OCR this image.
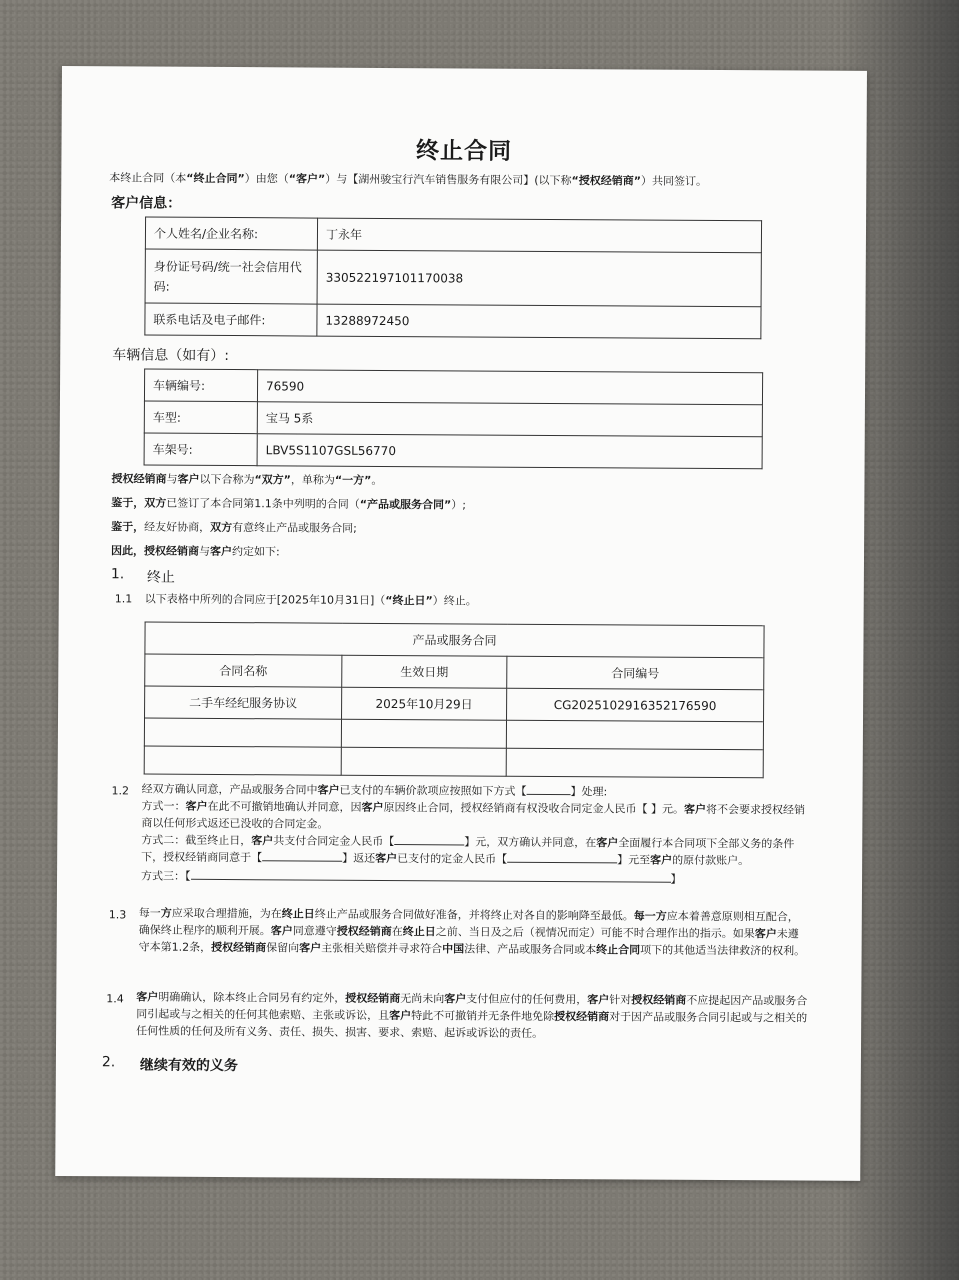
终止合同
本终止合同（本“终止合同”）由您（“客户”）与【湖州骏宝行汽车销售服务有限公司】(以下称“授权经销商”）共同签订。
客户信息：
个人姓名/企业名称:	丁永年
身份证号码/统一社会信用代码:	330522197101170038
联系电话及电子邮件:	13288972450
车辆信息（如有）:
车辆编号:	76590
车型:	宝马 5系
车架号:	LBV5S1107GSL56770
授权经销商与客户以下合称为“双方”，单称为“一方”。
鉴于，双方已签订了本合同第1.1条中列明的合同（“产品或服务合同”）;
鉴于，经友好协商，双方有意终止产品或服务合同;
因此，授权经销商与客户约定如下:
1. 终止
1.1 以下表格中所列的合同应于[2025年10月31日]（“终止日”）终止。
产品或服务合同		
合同名称	生效日期	合同编号
二手车经纪服务协议	2025年10月29日	CG2025102916352176590

1.2 经双方确认同意，产品或服务合同中客户已支付的车辆价款项应按照如下方式【	】处理:
方式一：客户在此不可撤销地确认并同意，因客户原因终止合同，授权经销商有权没收合同定金人民币【 】元。客户将不会要求授权经销商以任何形式返还已没收的合同定金。
方式二：截至终止日，客户共支付合同定金人民币【	】元，双方确认并同意，在客户全面履行本合同项下全部义务的条件下，授权经销商同意于【	】返还客户已支付的定金人民币【	】元至客户的原付款账户。
方式三：【	】
1.3 每一方应采取合理措施，为在终止日终止产品或服务合同做好准备，并将终止对各自的影响降至最低。每一方应本着善意原则相互配合，确保终止程序的顺利开展。客户同意遵守授权经销商在终止日之前、当日及之后（视情况而定）可能不时合理作出的指示。如果客户未遵守本第1.2条，授权经销商保留向客户主张相关赔偿并寻求符合中国法律、产品或服务合同或本终止合同项下的其他适当法律救济的权利。
1.4 客户明确确认，除本终止合同另有约定外，授权经销商无尚未向客户支付但应付的任何费用，客户针对授权经销商不应提起因产品或服务合同引起或与之相关的任何其他索赔、主张或诉讼，且客户特此不可撤销并无条件地免除授权经销商对于因产品或服务合同引起或与之相关的任何性质的任何及所有义务、责任、损失、损害、要求、索赔、起诉或诉讼的责任。
2. 继续有效的义务
